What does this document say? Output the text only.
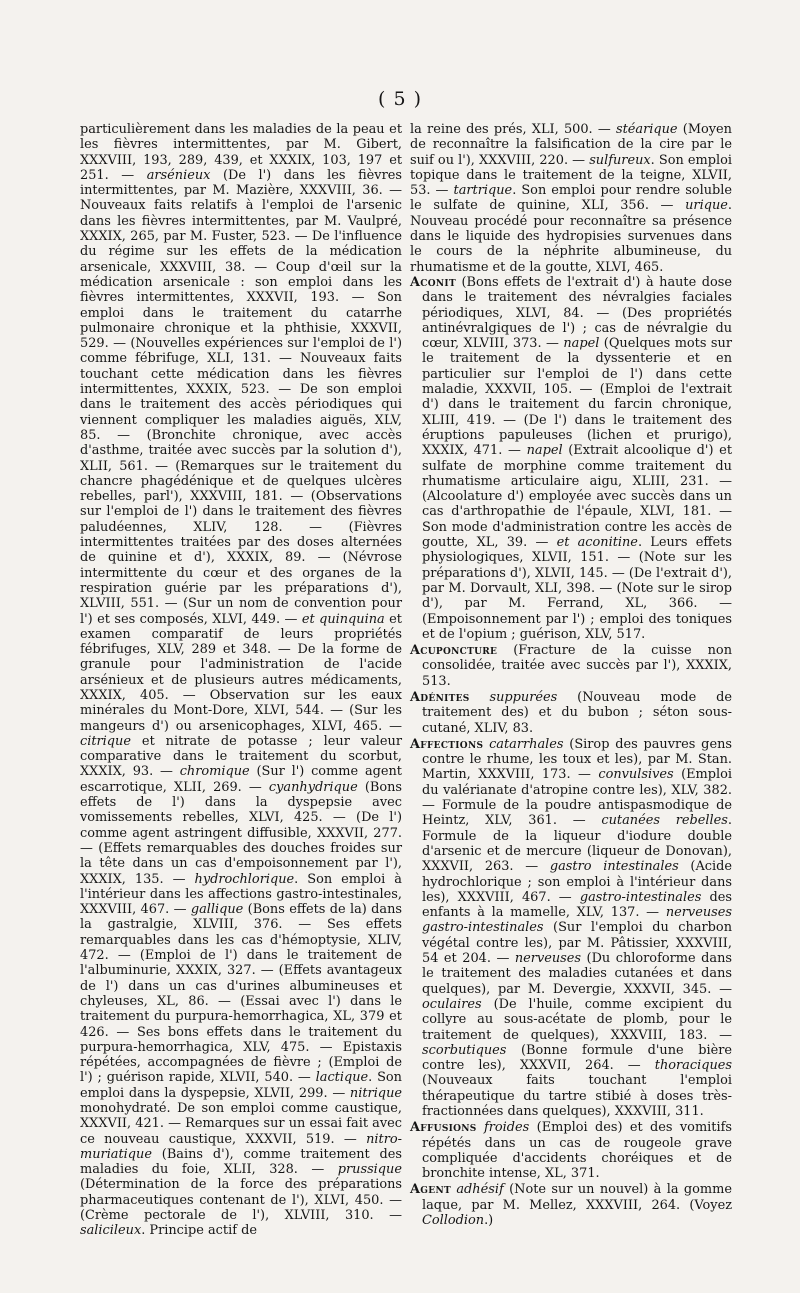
( 5 )

particulièrement dans les maladies de la peau et les fièvres intermittentes, par M. Gibert, XXXVIII, 193, 289, 439, et XXXIX, 103, 197 et 251. — arsénieux (De l') dans les fièvres intermittentes, par M. Mazière, XXXVIII, 36. — Nouveaux faits relatifs à l'emploi de l'arsenic dans les fièvres intermittentes, par M. Vaulpré, XXXIX, 265, par M. Fuster, 523. — De l'influence du régime sur les effets de la médication arsenicale, XXXVIII, 38. — Coup d'œil sur la médication arsenicale : son emploi dans les fièvres intermittentes, XXXVII, 193. — Son emploi dans le traitement du catarrhe pulmonaire chronique et la phthisie, XXXVII, 529. — (Nouvelles expériences sur l'emploi de l') comme fébrifuge, XLI, 131. — Nouveaux faits touchant cette médication dans les fièvres intermittentes, XXXIX, 523. — De son emploi dans le traitement des accès périodiques qui viennent compliquer les maladies aiguës, XLV, 85. — (Bronchite chronique, avec accès d'asthme, traitée avec succès par la solution d'), XLII, 561. — (Remarques sur le traitement du chancre phagédénique et de quelques ulcères rebelles, parl'), XXXVIII, 181. — (Observations sur l'emploi de l') dans le traitement des fièvres paludéennes, XLIV, 128. — (Fièvres intermittentes traitées par des doses alternées de quinine et d'), XXXIX, 89. — (Névrose intermittente du cœur et des organes de la respiration guérie par les préparations d'), XLVIII, 551. — (Sur un nom de convention pour l') et ses composés, XLVI, 449. — et quinquina et examen comparatif de leurs propriétés fébrifuges, XLV, 289 et 348. — De la forme de granule pour l'administration de l'acide arsénieux et de plusieurs autres médicaments, XXXIX, 405. — Observation sur les eaux minérales du Mont-Dore, XLVI, 544. — (Sur les mangeurs d') ou arsenicophages, XLVI, 465. — citrique et nitrate de potasse ; leur valeur comparative dans le traitement du scorbut, XXXIX, 93. — chromique (Sur l') comme agent escarrotique, XLII, 269. — cyanhydrique (Bons effets de l') dans la dyspepsie avec vomissements rebelles, XLVI, 425. — (De l') comme agent astringent diffusible, XXXVII, 277. — (Effets remarquables des douches froides sur la tête dans un cas d'empoisonnement par l'), XXXIX, 135. — hydrochlorique. Son emploi à l'intérieur dans les affections gastro-intestinales, XXXVIII, 467. — gallique (Bons effets de la) dans la gastralgie, XLVIII, 376. — Ses effets remarquables dans les cas d'hémoptysie, XLIV, 472. — (Emploi de l') dans le traitement de l'albuminurie, XXXIX, 327. — (Effets avantageux de l') dans un cas d'urines albumineuses et chyleuses, XL, 86. — (Essai avec l') dans le traitement du purpura-hemorrhagica, XL, 379 et 426. — Ses bons effets dans le traitement du purpura-hemorrhagica, XLV, 475. — Epistaxis répétées, accompagnées de fièvre ; (Emploi de l') ; guérison rapide, XLVII, 540. — lactique. Son emploi dans la dyspepsie, XLVII, 299. — nitrique monohydraté. De son emploi comme caustique, XXXVII, 421. — Remarques sur un essai fait avec ce nouveau caustique, XXXVII, 519. — nitro-muriatique (Bains d'), comme traitement des maladies du foie, XLII, 328. — prussique (Détermination de la force des préparations pharmaceutiques contenant de l'), XLVI, 450. — (Crème pectorale de l'), XLVIII, 310. — salicileux. Principe actif de

la reine des prés, XLI, 500. — stéarique (Moyen de reconnaître la falsification de la cire par le suif ou l'), XXXVIII, 220. — sulfureux. Son emploi topique dans le traitement de la teigne, XLVII, 53. — tartrique. Son emploi pour rendre soluble le sulfate de quinine, XLI, 356. — urique. Nouveau procédé pour reconnaître sa présence dans le liquide des hydropisies survenues dans le cours de la néphrite albumineuse, du rhumatisme et de la goutte, XLVI, 465.

Aconit (Bons effets de l'extrait d') à haute dose dans le traitement des névralgies faciales périodiques, XLVI, 84. — (Des propriétés antinévralgiques de l') ; cas de névralgie du cœur, XLVIII, 373. — napel (Quelques mots sur le traitement de la dyssenterie et en particulier sur l'emploi de l') dans cette maladie, XXXVII, 105. — (Emploi de l'extrait d') dans le traitement du farcin chronique, XLIII, 419. — (De l') dans le traitement des éruptions papuleuses (lichen et prurigo), XXXIX, 471. — napel (Extrait alcoolique d') et sulfate de morphine comme traitement du rhumatisme articulaire aigu, XLIII, 231. — (Alcoolature d') employée avec succès dans un cas d'arthropathie de l'épaule, XLVI, 181. — Son mode d'administration contre les accès de goutte, XL, 39. — et aconitine. Leurs effets physiologiques, XLVII, 151. — (Note sur les préparations d'), XLVII, 145. — (De l'extrait d'), par M. Dorvault, XLI, 398. — (Note sur le sirop d'), par M. Ferrand, XL, 366. — (Empoisonnement par l') ; emploi des toniques et de l'opium ; guérison, XLV, 517.

Acuponcture (Fracture de la cuisse non consolidée, traitée avec succès par l'), XXXIX, 513.

Adénites suppurées (Nouveau mode de traitement des) et du bubon ; séton sous-cutané, XLIV, 83.

Affections catarrhales (Sirop des pauvres gens contre le rhume, les toux et les), par M. Stan. Martin, XXXVIII, 173. — convulsives (Emploi du valérianate d'atropine contre les), XLV, 382. — Formule de la poudre antispasmodique de Heintz, XLV, 361. — cutanées rebelles. Formule de la liqueur d'iodure double d'arsenic et de mercure (liqueur de Donovan), XXXVII, 263. — gastro intestinales (Acide hydrochlorique ; son emploi à l'intérieur dans les), XXXVIII, 467. — gastro-intestinales des enfants à la mamelle, XLV, 137. — nerveuses gastro-intestinales (Sur l'emploi du charbon végétal contre les), par M. Pâtissier, XXXVIII, 54 et 204. — nerveuses (Du chloroforme dans le traitement des maladies cutanées et dans quelques), par M. Devergie, XXXVII, 345. — oculaires (De l'huile, comme excipient du collyre au sous-acétate de plomb, pour le traitement de quelques), XXXVIII, 183. — scorbutiques (Bonne formule d'une bière contre les), XXXVII, 264. — thoraciques (Nouveaux faits touchant l'emploi thérapeutique du tartre stibié à doses très-fractionnées dans quelques), XXXVIII, 311.

Affusions froides (Emploi des) et des vomitifs répétés dans un cas de rougeole grave compliquée d'accidents choréiques et de bronchite intense, XL, 371.

Agent adhésif (Note sur un nouvel) à la gomme laque, par M. Mellez, XXXVIII, 264. (Voyez Collodion.)
